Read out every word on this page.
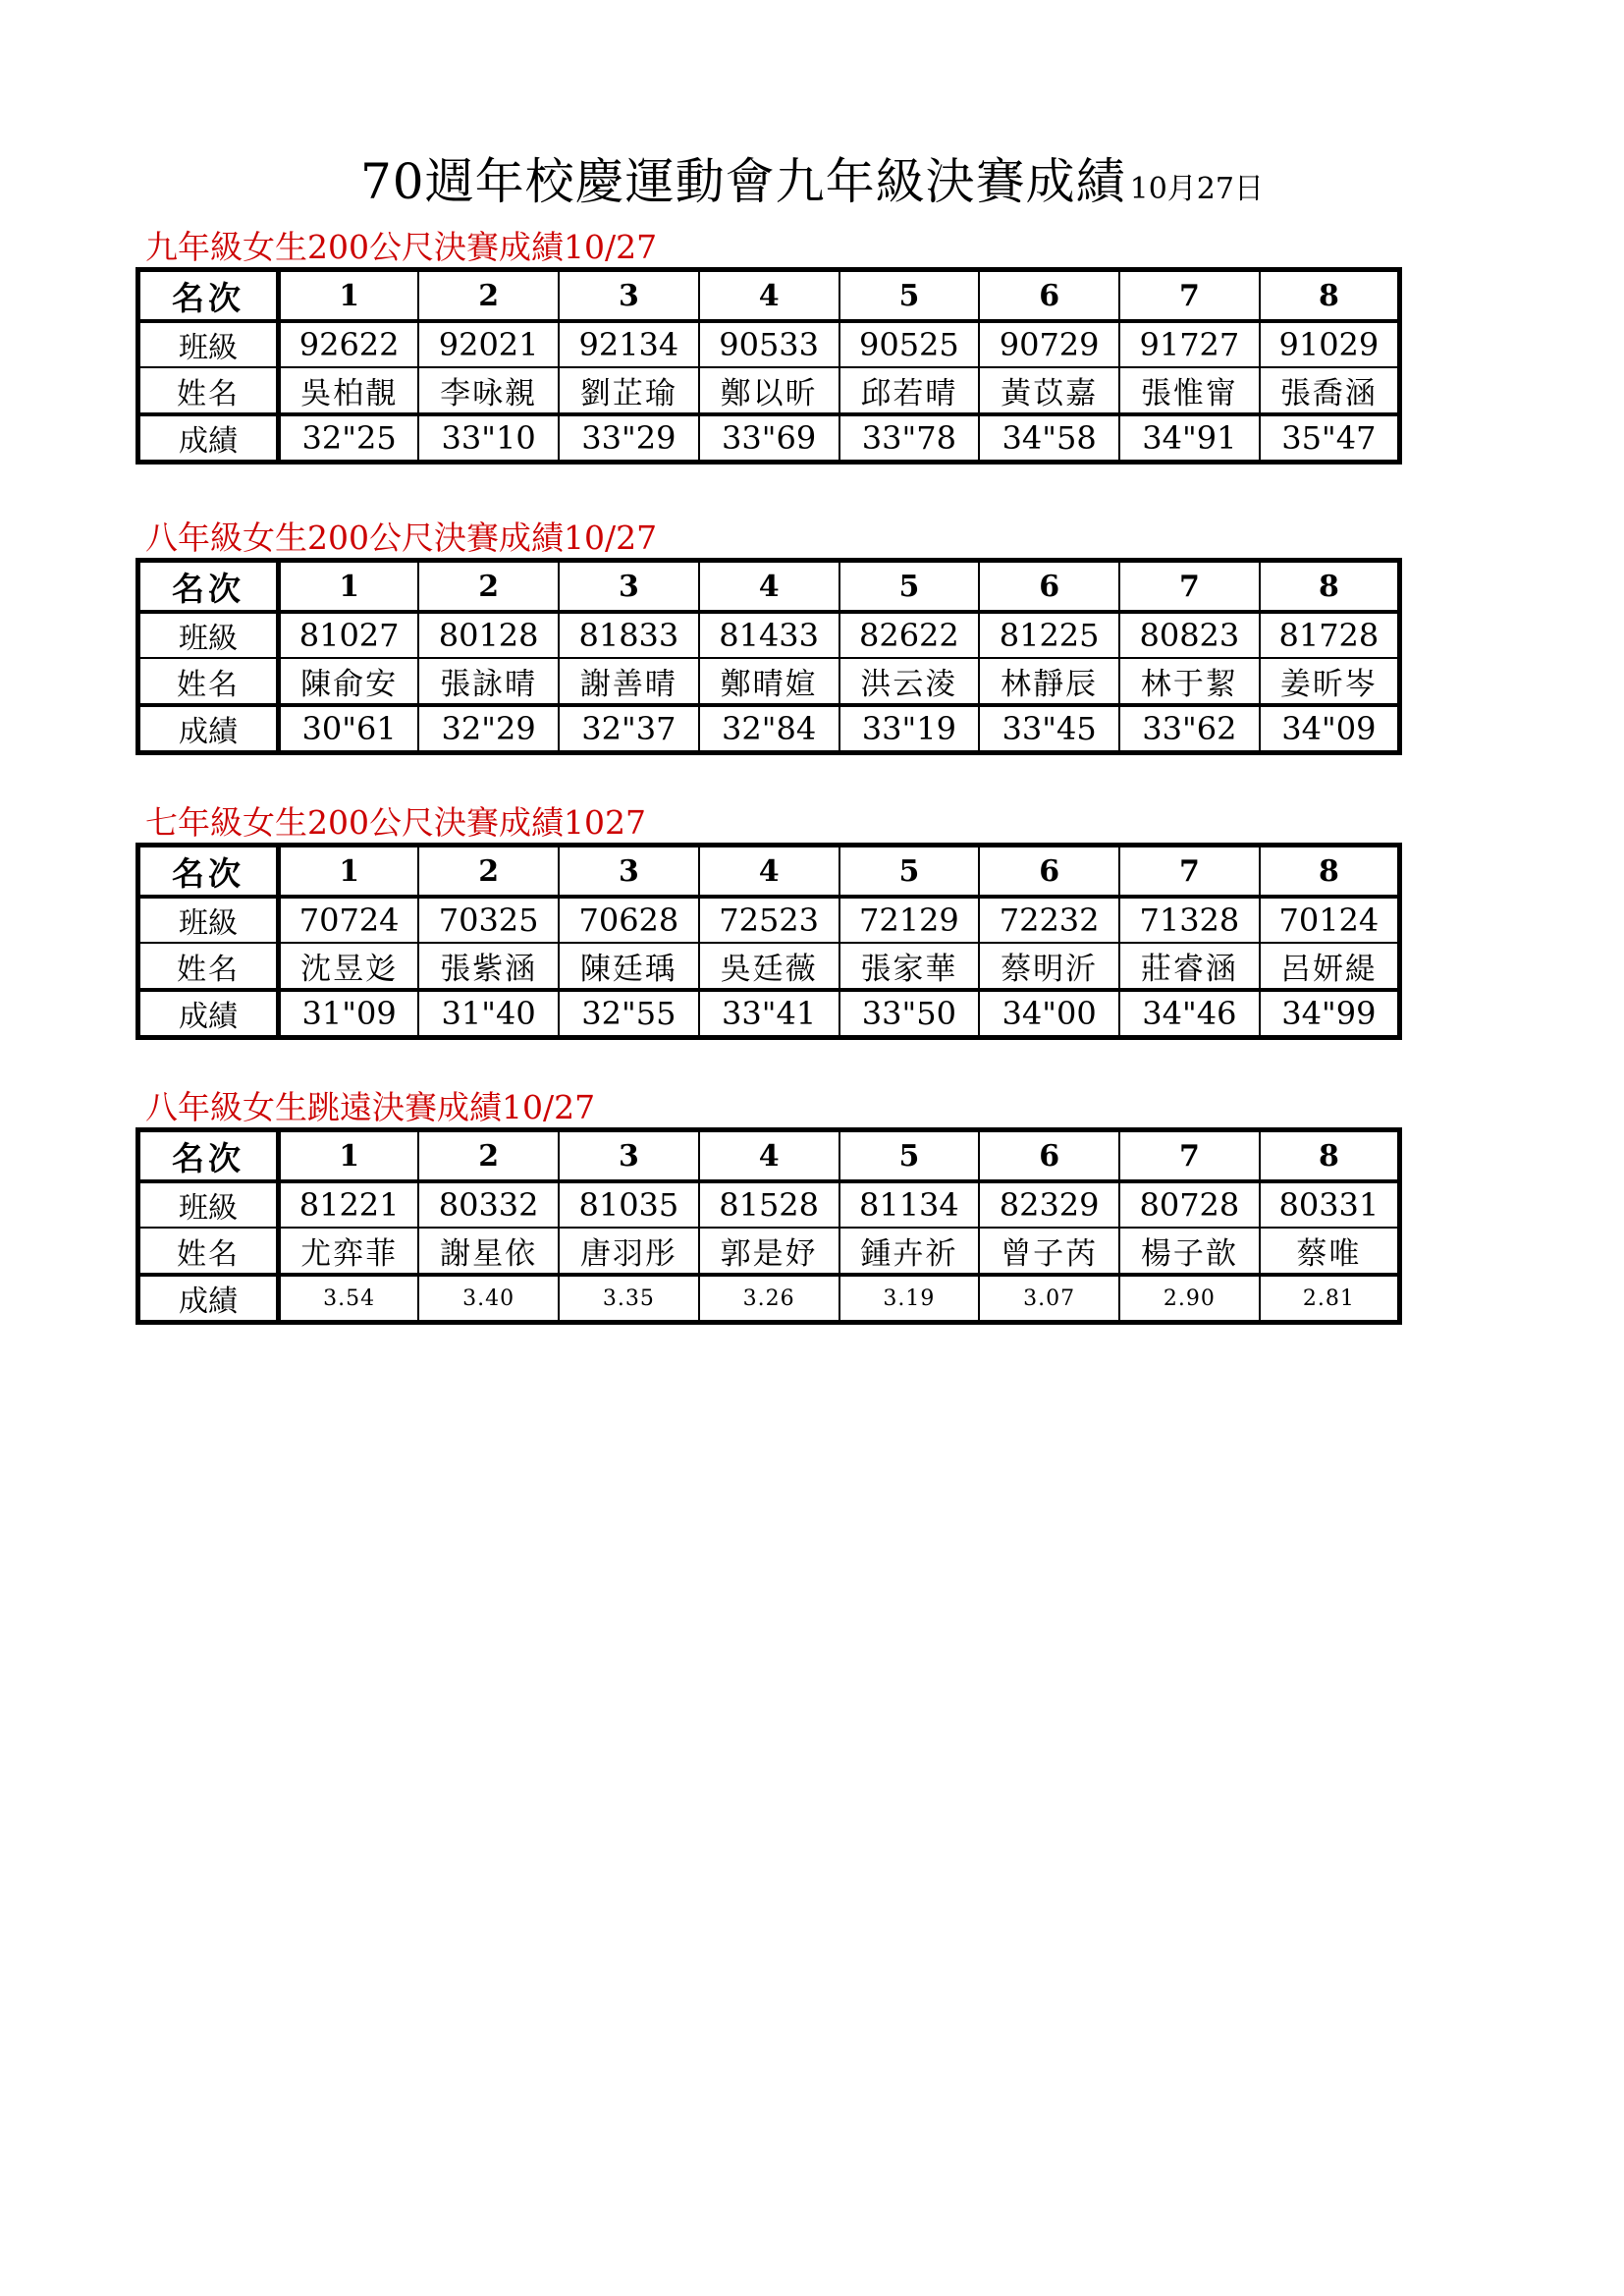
70週年校慶運動會九年級決賽成績 10月27日
九年級女生200公尺決賽成績10/27
名次	1	2	3	4	5	6	7	8
班級	92622	92021	92134	90533	90525	90729	91727	91029
姓名	吳柏靚	李咏親	劉芷瑜	鄭以昕	邱若晴	黃苡嘉	張惟甯	張喬涵
成績	32"25	33"10	33"29	33"69	33"78	34"58	34"91	35"47
八年級女生200公尺決賽成績10/27
名次	1	2	3	4	5	6	7	8
班級	81027	80128	81833	81433	82622	81225	80823	81728
姓名	陳俞安	張詠晴	謝善晴	鄭晴媗	洪云淩	林靜辰	林于絜	姜昕岑
成績	30"61	32"29	32"37	32"84	33"19	33"45	33"62	34"09
七年級女生200公尺決賽成績1027
名次	1	2	3	4	5	6	7	8
班級	70724	70325	70628	72523	72129	72232	71328	70124
姓名	沈昱彣	張紫涵	陳廷瑀	吳廷薇	張家華	蔡明沂	莊睿涵	呂妍緹
成績	31"09	31"40	32"55	33"41	33"50	34"00	34"46	34"99
八年級女生跳遠決賽成績10/27
名次	1	2	3	4	5	6	7	8
班級	81221	80332	81035	81528	81134	82329	80728	80331
姓名	尤弈菲	謝星依	唐羽彤	郭是妤	鍾卉祈	曾子芮	楊子歆	蔡唯
成績	3.54	3.40	3.35	3.26	3.19	3.07	2.90	2.81
